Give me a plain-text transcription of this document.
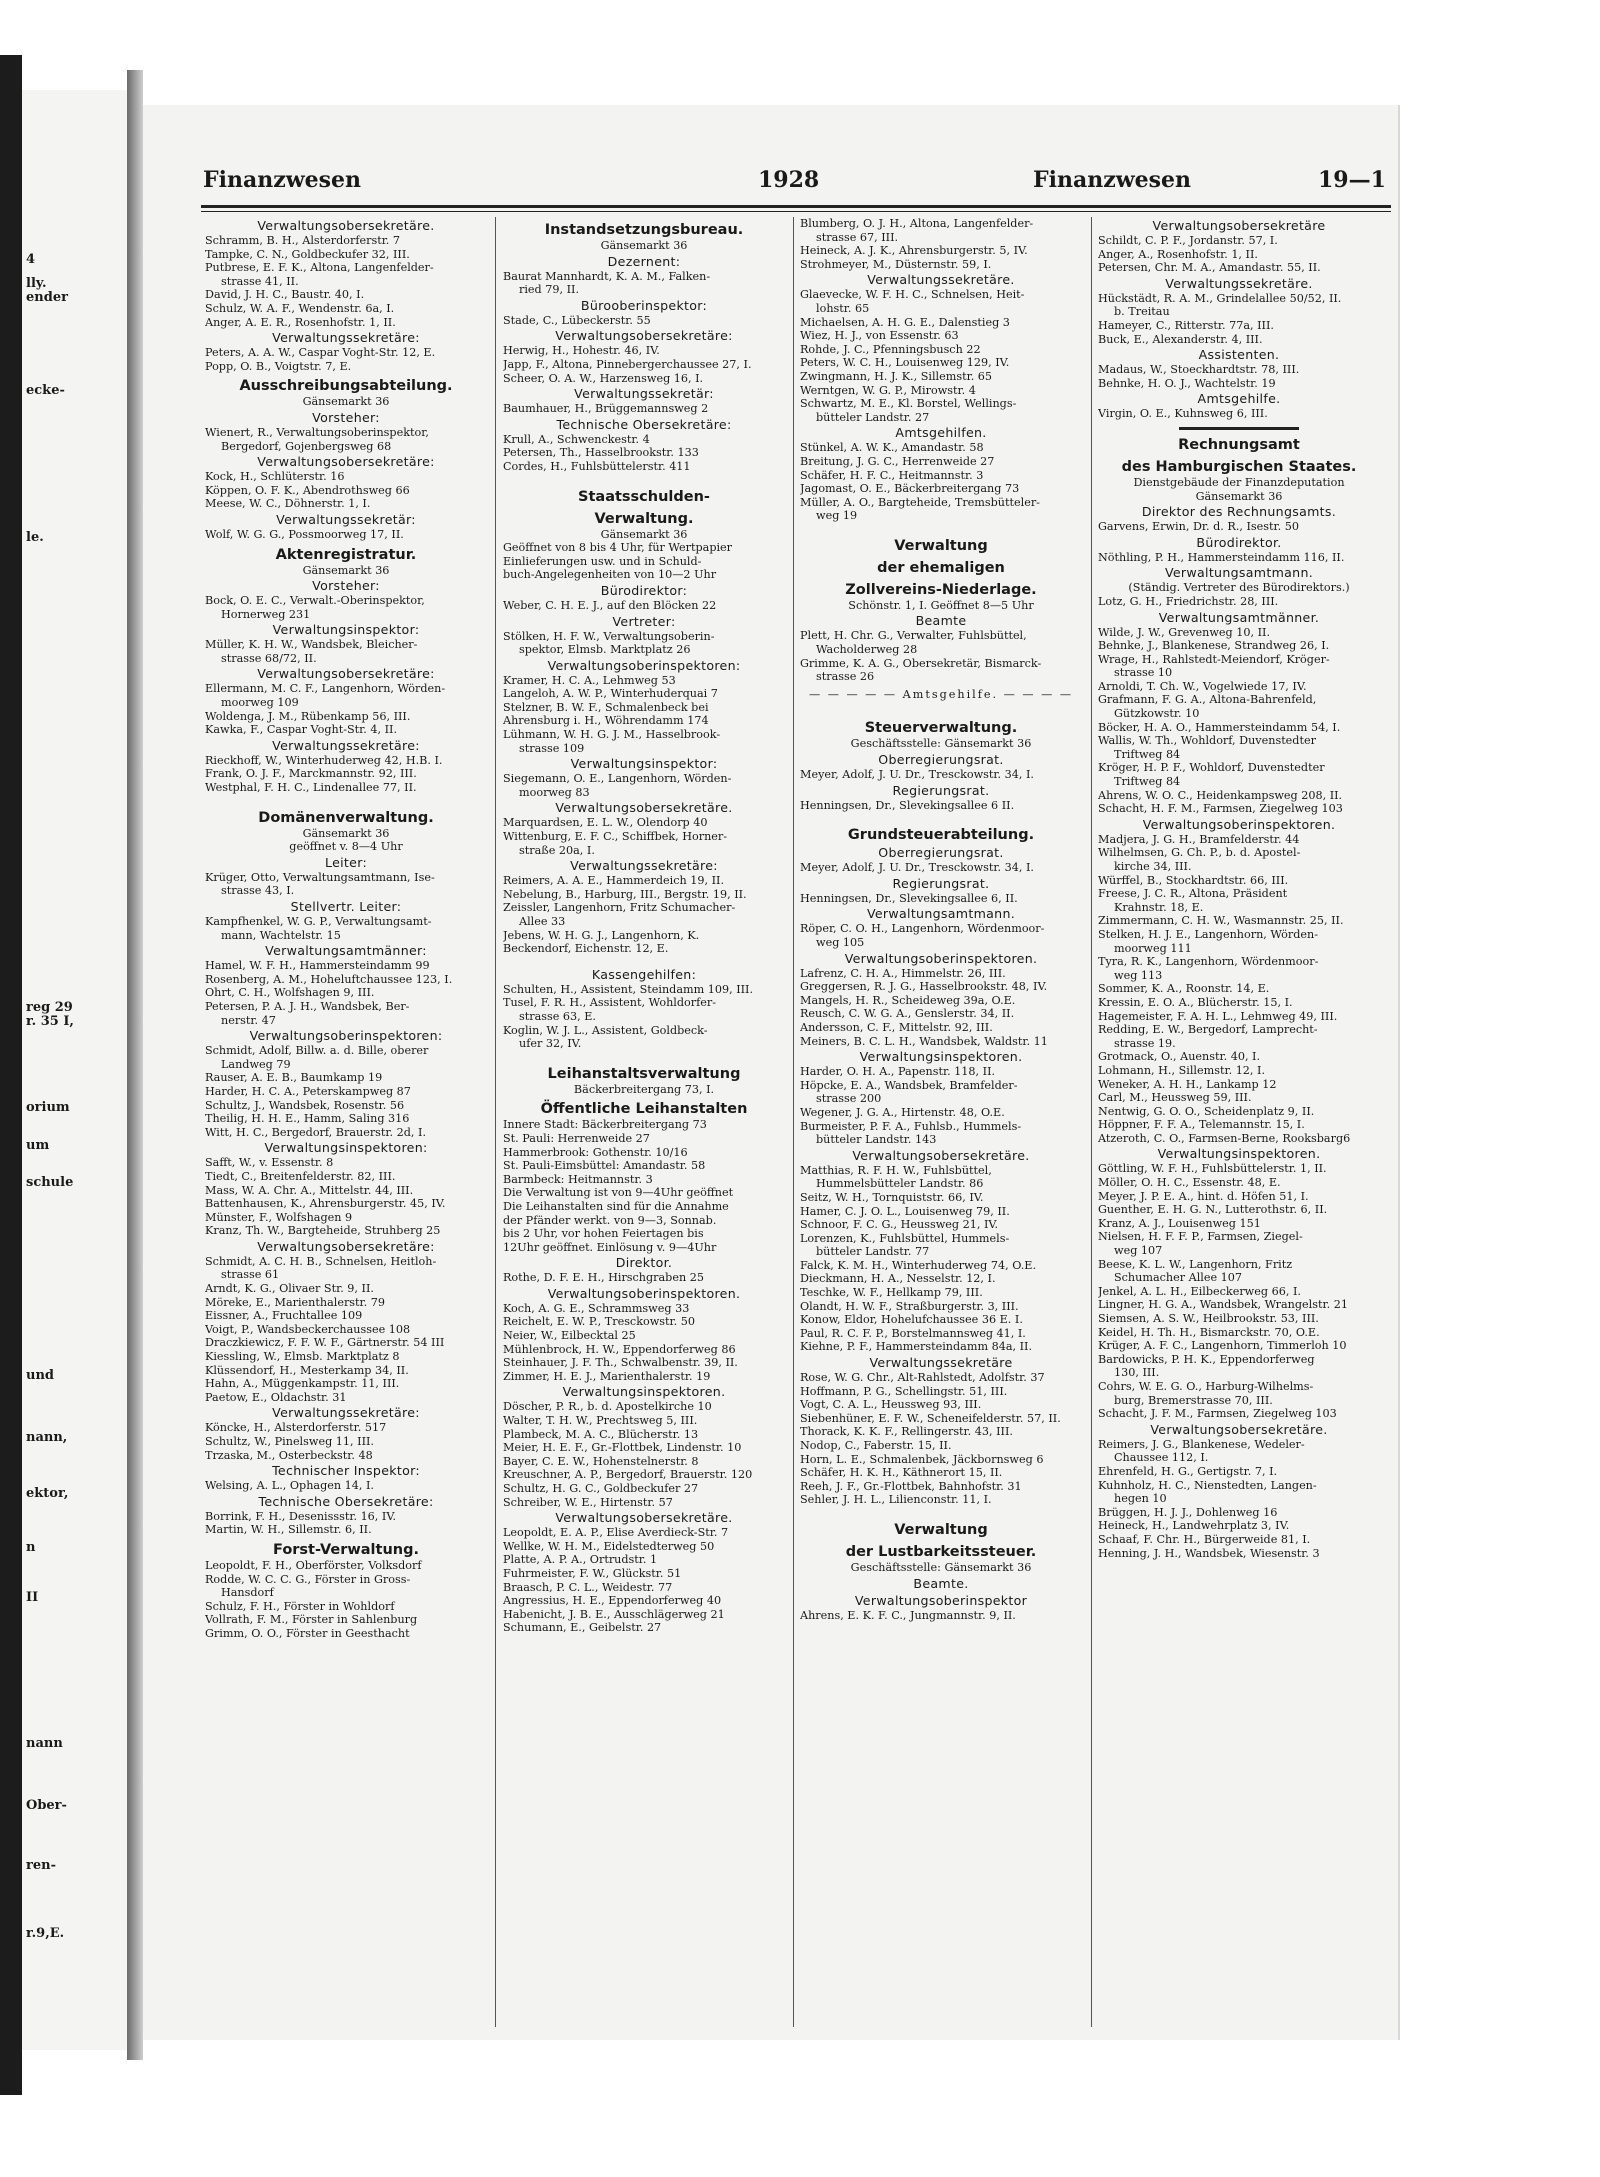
4
lly.
ender
ecke-
le.
reg 29
r. 35 I,
orium
um
schule
und
nann,
ektor,
n
II
nann
Ober-
ren-
r.9,E.
Finanzwesen	1928	Finanzwesen	19—1
Verwaltungsobersekretäre.
Schramm, B. H., Alsterdorferstr. 7
Tampke, C. N., Goldbeckufer 32, III.
Putbrese, E. F. K., Altona, Langenfelder-
strasse 41, II.
David, J. H. C., Baustr. 40, I.
Schulz, W. A. F., Wendenstr. 6a, I.
Anger, A. E. R., Rosenhofstr. 1, II.
Verwaltungssekretäre:
Peters, A. A. W., Caspar Voght-Str. 12, E.
Popp, O. B., Voigtstr. 7, E.
Ausschreibungsabteilung.
Gänsemarkt 36
Vorsteher:
Wienert, R., Verwaltungsoberinspektor,
Bergedorf, Gojenbergsweg 68
Verwaltungsobersekretäre:
Kock, H., Schlüterstr. 16
Köppen, O. F. K., Abendrothsweg 66
Meese, W. C., Döhnerstr. 1, I.
Verwaltungssekretär:
Wolf, W. G. G., Possmoorweg 17, II.
Aktenregistratur.
Gänsemarkt 36
Vorsteher:
Bock, O. E. C., Verwalt.-Oberinspektor,
Hornerweg 231
Verwaltungsinspektor:
Müller, K. H. W., Wandsbek, Bleicher-
strasse 68/72, II.
Verwaltungsobersekretäre:
Ellermann, M. C. F., Langenhorn, Wörden-
moorweg 109
Woldenga, J. M., Rübenkamp 56, III.
Kawka, F., Caspar Voght-Str. 4, II.
Verwaltungssekretäre:
Rieckhoff, W., Winterhuderweg 42, H.B. I.
Frank, O. J. F., Marckmannstr. 92, III.
Westphal, F. H. C., Lindenallee 77, II.
Domänenverwaltung.
Gänsemarkt 36
geöffnet v. 8—4 Uhr
Leiter:
Krüger, Otto, Verwaltungsamtmann, Ise-
strasse 43, I.
Stellvertr. Leiter:
Kampfhenkel, W. G. P., Verwaltungsamt-
mann, Wachtelstr. 15
Verwaltungsamtmänner:
Hamel, W. F. H., Hammersteindamm 99
Rosenberg, A. M., Hoheluftchaussee 123, I.
Ohrt, C. H., Wolfshagen 9, III.
Petersen, P. A. J. H., Wandsbek, Ber-
nerstr. 47
Verwaltungsoberinspektoren:
Schmidt, Adolf, Billw. a. d. Bille, oberer
Landweg 79
Rauser, A. E. B., Baumkamp 19
Harder, H. C. A., Peterskampweg 87
Schultz, J., Wandsbek, Rosenstr. 56
Theilig, H. H. E., Hamm, Saling 316
Witt, H. C., Bergedorf, Brauerstr. 2d, I.
Verwaltungsinspektoren:
Safft, W., v. Essenstr. 8
Tiedt, C., Breitenfelderstr. 82, III.
Mass, W. A. Chr. A., Mittelstr. 44, III.
Battenhausen, K., Ahrensburgerstr. 45, IV.
Münster, F., Wolfshagen 9
Kranz, Th. W., Bargteheide, Struhberg 25
Verwaltungsobersekretäre:
Schmidt, A. C. H. B., Schnelsen, Heitloh-
strasse 61
Arndt, K. G., Olivaer Str. 9, II.
Möreke, E., Marienthalerstr. 79
Eissner, A., Fruchtallee 109
Voigt, P., Wandsbeckerchaussee 108
Draczkiewicz, F. F. W. F., Gärtnerstr. 54 III
Kiessling, W., Elmsb. Marktplatz 8
Klüssendorf, H., Mesterkamp 34, II.
Hahn, A., Müggenkampstr. 11, III.
Paetow, E., Oldachstr. 31
Verwaltungssekretäre:
Köncke, H., Alsterdorferstr. 517
Schultz, W., Pinelsweg 11, III.
Trzaska, M., Osterbeckstr. 48
Technischer Inspektor:
Welsing, A. L., Ophagen 14, I.
Technische Obersekretäre:
Borrink, F. H., Desenissstr. 16, IV.
Martin, W. H., Sillemstr. 6, II.
Forst-Verwaltung.
Leopoldt, F. H., Oberförster, Volksdorf
Rodde, W. C. C. G., Förster in Gross-
Hansdorf
Schulz, F. H., Förster in Wohldorf
Vollrath, F. M., Förster in Sahlenburg
Grimm, O. O., Förster in Geesthacht
Instandsetzungsbureau.
Gänsemarkt 36
Dezernent:
Baurat Mannhardt, K. A. M., Falken-
ried 79, II.
Bürooberinspektor:
Stade, C., Lübeckerstr. 55
Verwaltungsobersekretäre:
Herwig, H., Hohestr. 46, IV.
Japp, F., Altona, Pinnebergerchaussee 27, I.
Scheer, O. A. W., Harzensweg 16, I.
Verwaltungssekretär:
Baumhauer, H., Brüggemannsweg 2
Technische Obersekretäre:
Krull, A., Schwenckestr. 4
Petersen, Th., Hasselbrookstr. 133
Cordes, H., Fuhlsbüttelerstr. 411
Staatsschulden-
Verwaltung.
Gänsemarkt 36
Geöffnet von 8 bis 4 Uhr, für Wertpapier
Einlieferungen usw. und in Schuld-
buch-Angelegenheiten von 10—2 Uhr
Bürodirektor:
Weber, C. H. E. J., auf den Blöcken 22
Vertreter:
Stölken, H. F. W., Verwaltungsoberin-
spektor, Elmsb. Marktplatz 26
Verwaltungsoberinspektoren:
Kramer, H. C. A., Lehmweg 53
Langeloh, A. W. P., Winterhuderquai 7
Stelzner, B. W. F., Schmalenbeck bei
Ahrensburg i. H., Wöhrendamm 174
Lühmann, W. H. G. J. M., Hasselbrook-
strasse 109
Verwaltungsinspektor:
Siegemann, O. E., Langenhorn, Wörden-
moorweg 83
Verwaltungsobersekretäre.
Marquardsen, E. L. W., Olendorp 40
Wittenburg, E. F. C., Schiffbek, Horner-
straße 20a, I.
Verwaltungssekretäre:
Reimers, A. A. E., Hammerdeich 19, II.
Nebelung, B., Harburg, III., Bergstr. 19, II.
Zeissler, Langenhorn, Fritz Schumacher-
Allee 33
Jebens, W. H. G. J., Langenhorn, K.
Beckendorf, Eichenstr. 12, E.
Kassengehilfen:
Schulten, H., Assistent, Steindamm 109, III.
Tusel, F. R. H., Assistent, Wohldorfer-
strasse 63, E.
Koglin, W. J. L., Assistent, Goldbeck-
ufer 32, IV.
Leihanstaltsverwaltung
Bäckerbreitergang 73, I.
Öffentliche Leihanstalten
Innere Stadt: Bäckerbreitergang 73
St. Pauli: Herrenweide 27
Hammerbrook: Gothenstr. 10/16
St. Pauli-Eimsbüttel: Amandastr. 58
Barmbeck: Heitmannstr. 3
Die Verwaltung ist von 9—4Uhr geöffnet
Die Leihanstalten sind für die Annahme
der Pfänder werkt. von 9—3, Sonnab.
bis 2 Uhr, vor hohen Feiertagen bis
12Uhr geöffnet. Einlösung v. 9—4Uhr
Direktor.
Rothe, D. F. E. H., Hirschgraben 25
Verwaltungsoberinspektoren.
Koch, A. G. E., Schrammsweg 33
Reichelt, E. W. P., Tresckowstr. 50
Neier, W., Eilbecktal 25
Mühlenbrock, H. W., Eppendorferweg 86
Steinhauer, J. F. Th., Schwalbenstr. 39, II.
Zimmer, H. E. J., Marienthalerstr. 19
Verwaltungsinspektoren.
Döscher, P. R., b. d. Apostelkirche 10
Walter, T. H. W., Prechtsweg 5, III.
Plambeck, M. A. C., Blücherstr. 13
Meier, H. E. F., Gr.-Flottbek, Lindenstr. 10
Bayer, C. E. W., Hohenstelnerstr. 8
Kreuschner, A. P., Bergedorf, Brauerstr. 120
Schultz, H. G. C., Goldbeckufer 27
Schreiber, W. E., Hirtenstr. 57
Verwaltungsobersekretäre.
Leopoldt, E. A. P., Elise Averdieck-Str. 7
Wellke, W. H. M., Eidelstedterweg 50
Platte, A. P. A., Ortrudstr. 1
Fuhrmeister, F. W., Glückstr. 51
Braasch, P. C. L., Weidestr. 77
Angressius, H. E., Eppendorferweg 40
Habenicht, J. B. E., Ausschlägerweg 21
Schumann, E., Geibelstr. 27
Blumberg, O. J. H., Altona, Langenfelder-
strasse 67, III.
Heineck, A. J. K., Ahrensburgerstr. 5, IV.
Strohmeyer, M., Düsternstr. 59, I.
Verwaltungssekretäre.
Glaevecke, W. F. H. C., Schnelsen, Heit-
lohstr. 65
Michaelsen, A. H. G. E., Dalenstieg 3
Wiez, H. J., von Essenstr. 63
Rohde, J. C., Pfenningsbusch 22
Peters, W. C. H., Louisenweg 129, IV.
Zwingmann, H. J. K., Sillemstr. 65
Werntgen, W. G. P., Mirowstr. 4
Schwartz, M. E., Kl. Borstel, Wellings-
bütteler Landstr. 27
Amtsgehilfen.
Stünkel, A. W. K., Amandastr. 58
Breitung, J. G. C., Herrenweide 27
Schäfer, H. F. C., Heitmannstr. 3
Jagomast, O. E., Bäckerbreitergang 73
Müller, A. O., Bargteheide, Tremsbütteler-
weg 19
Verwaltung
der ehemaligen
Zollvereins-Niederlage.
Schönstr. 1, I. Geöffnet 8—5 Uhr
Beamte
Plett, H. Chr. G., Verwalter, Fuhlsbüttel,
Wacholderweg 28
Grimme, K. A. G., Obersekretär, Bismarck-
strasse 26
— — — — — Amtsgehilfe. — — — —
Steuerverwaltung.
Geschäftsstelle: Gänsemarkt 36
Oberregierungsrat.
Meyer, Adolf, J. U. Dr., Tresckowstr. 34, I.
Regierungsrat.
Henningsen, Dr., Slevekingsallee 6 II.
Grundsteuerabteilung.
Oberregierungsrat.
Meyer, Adolf, J. U. Dr., Tresckowstr. 34, I.
Regierungsrat.
Henningsen, Dr., Slevekingsallee 6, II.
Verwaltungsamtmann.
Röper, C. O. H., Langenhorn, Wördenmoor-
weg 105
Verwaltungsoberinspektoren.
Lafrenz, C. H. A., Himmelstr. 26, III.
Greggersen, R. J. G., Hasselbrookstr. 48, IV.
Mangels, H. R., Scheideweg 39a, O.E.
Reusch, C. W. G. A., Genslerstr. 34, II.
Andersson, C. F., Mittelstr. 92, III.
Meiners, B. C. L. H., Wandsbek, Waldstr. 11
Verwaltungsinspektoren.
Harder, O. H. A., Papenstr. 118, II.
Höpcke, E. A., Wandsbek, Bramfelder-
strasse 200
Wegener, J. G. A., Hirtenstr. 48, O.E.
Burmeister, P. F. A., Fuhlsb., Hummels-
bütteler Landstr. 143
Verwaltungsobersekretäre.
Matthias, R. F. H. W., Fuhlsbüttel,
Hummelsbütteler Landstr. 86
Seitz, W. H., Tornquiststr. 66, IV.
Hamer, C. J. O. L., Louisenweg 79, II.
Schnoor, F. C. G., Heussweg 21, IV.
Lorenzen, K., Fuhlsbüttel, Hummels-
bütteler Landstr. 77
Falck, K. M. H., Winterhuderweg 74, O.E.
Dieckmann, H. A., Nesselstr. 12, I.
Teschke, W. F., Hellkamp 79, III.
Olandt, H. W. F., Straßburgerstr. 3, III.
Konow, Eldor, Hohelufchaussee 36 E. I.
Paul, R. C. F. P., Borstelmannsweg 41, I.
Kiehne, P. F., Hammersteindamm 84a, II.
Verwaltungssekretäre
Rose, W. G. Chr., Alt-Rahlstedt, Adolfstr. 37
Hoffmann, P. G., Schellingstr. 51, III.
Vogt, C. A. L., Heussweg 93, III.
Siebenhüner, E. F. W., Scheneifelderstr. 57, II.
Thorack, K. K. F., Rellingerstr. 43, III.
Nodop, C., Faberstr. 15, II.
Horn, L. E., Schmalenbek, Jäckbornsweg 6
Schäfer, H. K. H., Käthnerort 15, II.
Reeh, J. F., Gr.-Flottbek, Bahnhofstr. 31
Sehler, J. H. L., Lilienconstr. 11, I.
Verwaltung
der Lustbarkeitssteuer.
Geschäftsstelle: Gänsemarkt 36
Beamte.
Verwaltungsoberinspektor
Ahrens, E. K. F. C., Jungmannstr. 9, II.
Verwaltungsobersekretäre
Schildt, C. P. F., Jordanstr. 57, I.
Anger, A., Rosenhofstr. 1, II.
Petersen, Chr. M. A., Amandastr. 55, II.
Verwaltungssekretäre.
Hückstädt, R. A. M., Grindelallee 50/52, II.
b. Treitau
Hameyer, C., Ritterstr. 77a, III.
Buck, E., Alexanderstr. 4, III.
Assistenten.
Madaus, W., Stoeckhardtstr. 78, III.
Behnke, H. O. J., Wachtelstr. 19
Amtsgehilfe.
Virgin, O. E., Kuhnsweg 6, III.
Rechnungsamt
des Hamburgischen Staates.
Dienstgebäude der Finanzdeputation
Gänsemarkt 36
Direktor des Rechnungsamts.
Garvens, Erwin, Dr. d. R., Isestr. 50
Bürodirektor.
Nöthling, P. H., Hammersteindamm 116, II.
Verwaltungsamtmann.
(Ständig. Vertreter des Bürodirektors.)
Lotz, G. H., Friedrichstr. 28, III.
Verwaltungsamtmänner.
Wilde, J. W., Grevenweg 10, II.
Behnke, J., Blankenese, Strandweg 26, I.
Wrage, H., Rahlstedt-Meiendorf, Kröger-
strasse 10
Arnoldi, T. Ch. W., Vogelwiede 17, IV.
Grafmann, F. G. A., Altona-Bahrenfeld,
Gützkowstr. 10
Böcker, H. A. O., Hammersteindamm 54, I.
Wallis, W. Th., Wohldorf, Duvenstedter
Triftweg 84
Kröger, H. P. F., Wohldorf, Duvenstedter
Triftweg 84
Ahrens, W. O. C., Heidenkampsweg 208, II.
Schacht, H. F. M., Farmsen, Ziegelweg 103
Verwaltungsoberinspektoren.
Madjera, J. G. H., Bramfelderstr. 44
Wilhelmsen, G. Ch. P., b. d. Apostel-
kirche 34, III.
Würffel, B., Stockhardtstr. 66, III.
Freese, J. C. R., Altona, Präsident
Krahnstr. 18, E.
Zimmermann, C. H. W., Wasmannstr. 25, II.
Stelken, H. J. E., Langenhorn, Wörden-
moorweg 111
Tyra, R. K., Langenhorn, Wördenmoor-
weg 113
Sommer, K. A., Roonstr. 14, E.
Kressin, E. O. A., Blücherstr. 15, I.
Hagemeister, F. A. H. L., Lehmweg 49, III.
Redding, E. W., Bergedorf, Lamprecht-
strasse 19.
Grotmack, O., Auenstr. 40, I.
Lohmann, H., Sillemstr. 12, I.
Weneker, A. H. H., Lankamp 12
Carl, M., Heussweg 59, III.
Nentwig, G. O. O., Scheidenplatz 9, II.
Höppner, F. F. A., Telemannstr. 15, I.
Atzeroth, C. O., Farmsen-Berne, Rooksbarg6
Verwaltungsinspektoren.
Göttling, W. F. H., Fuhlsbüttelerstr. 1, II.
Möller, O. H. C., Essenstr. 48, E.
Meyer, J. P. E. A., hint. d. Höfen 51, I.
Guenther, E. H. G. N., Lutterothstr. 6, II.
Kranz, A. J., Louisenweg 151
Nielsen, H. F. F. P., Farmsen, Ziegel-
weg 107
Beese, K. L. W., Langenhorn, Fritz
Schumacher Allee 107
Jenkel, A. L. H., Eilbeckerweg 66, I.
Lingner, H. G. A., Wandsbek, Wrangelstr. 21
Siemsen, A. S. W., Heilbrookstr. 53, III.
Keidel, H. Th. H., Bismarckstr. 70, O.E.
Krüger, A. F. C., Langenhorn, Timmerloh 10
Bardowicks, P. H. K., Eppendorferweg
130, III.
Cohrs, W. E. G. O., Harburg-Wilhelms-
burg, Bremerstrasse 70, III.
Schacht, J. F. M., Farmsen, Ziegelweg 103
Verwaltungsobersekretäre.
Reimers, J. G., Blankenese, Wedeler-
Chaussee 112, I.
Ehrenfeld, H. G., Gertigstr. 7, I.
Kuhnholz, H. C., Nienstedten, Langen-
hegen 10
Brüggen, H. J. J., Dohlenweg 16
Heineck, H., Landwehrplatz 3, IV.
Schaaf, F. Chr. H., Bürgerweide 81, I.
Henning, J. H., Wandsbek, Wiesenstr. 3
